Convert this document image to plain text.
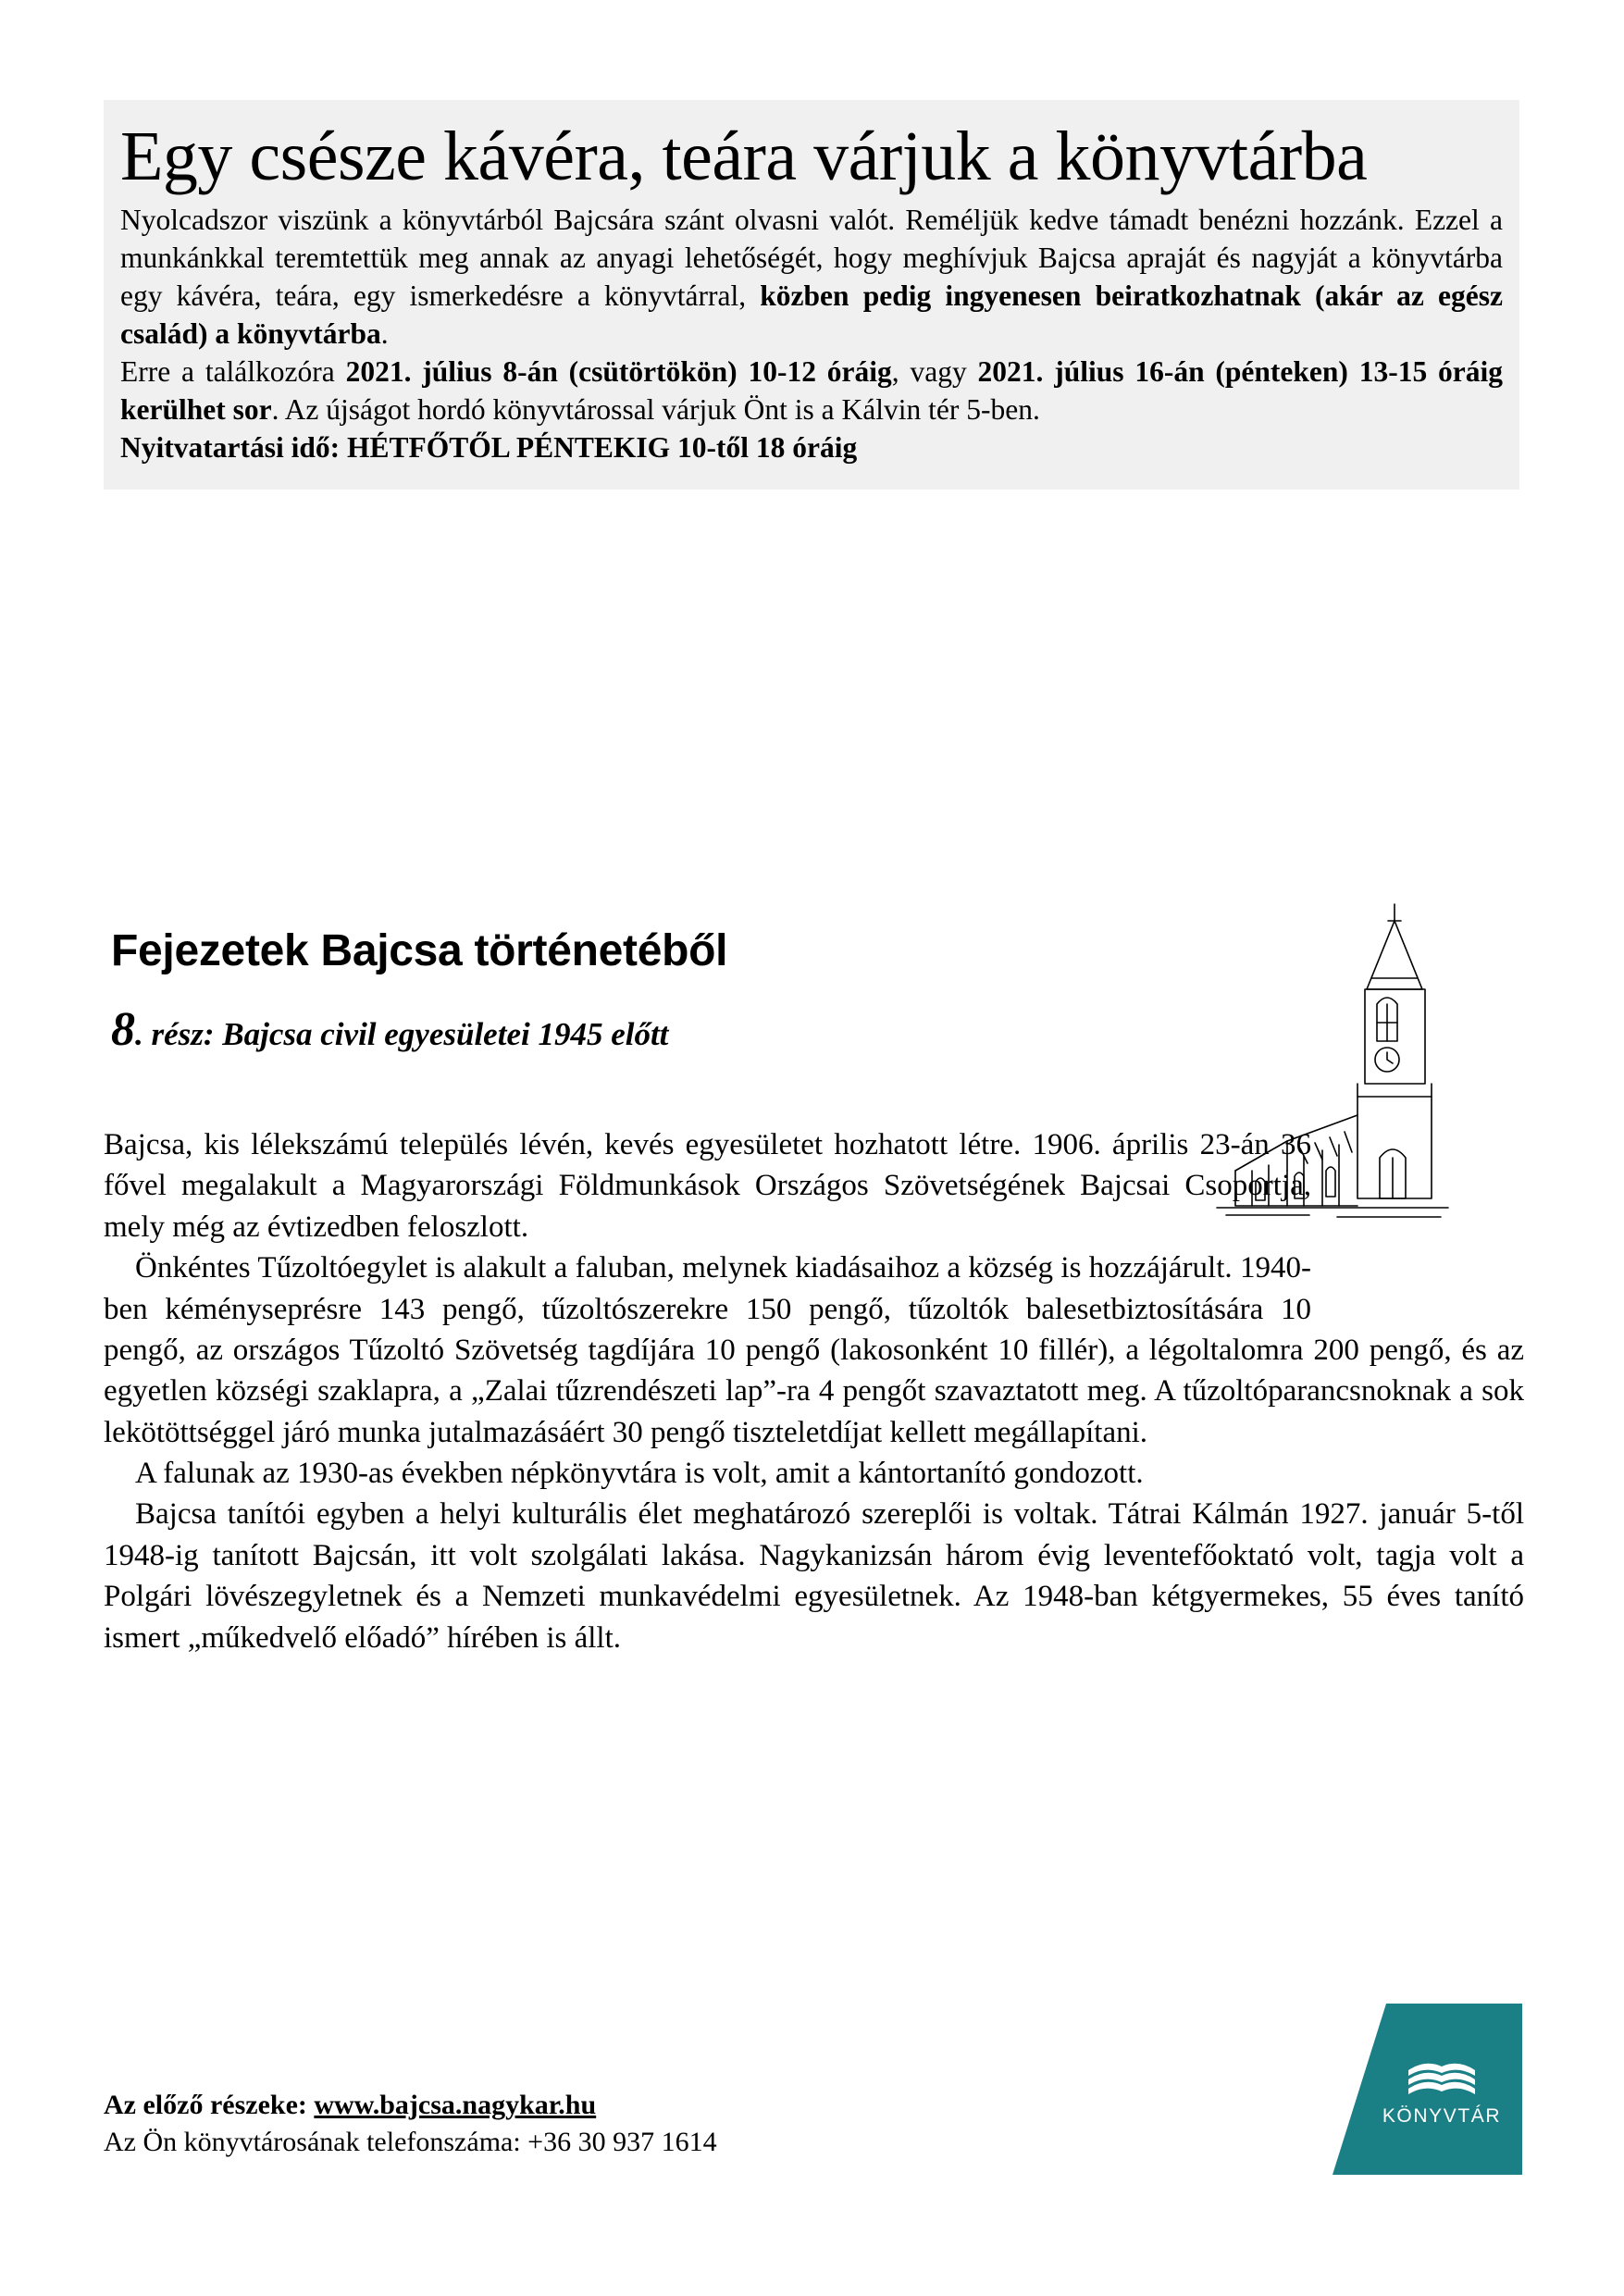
Egy csésze kávéra, teára várjuk a könyvtárba

Nyolcadszor viszünk a könyvtárból Bajcsára szánt olvasni valót. Reméljük kedve támadt benézni hozzánk. Ezzel a munkánkkal teremtettük meg annak az anyagi lehetőségét, hogy meghívjuk Bajcsa apraját és nagyját a könyvtárba egy kávéra, teára, egy ismerkedésre a könyvtárral, közben pedig ingyenesen beiratkozhatnak (akár az egész család) a könyvtárba.

Erre a találkozóra 2021. július 8-án (csütörtökön) 10-12 óráig, vagy 2021. július 16-án (pénteken) 13-15 óráig kerülhet sor. Az újságot hordó könyvtárossal várjuk Önt is a Kálvin tér 5-ben.

Nyitvatartási idő: HÉTFŐTŐL PÉNTEKIG 10-től 18 óráig

Fejezetek Bajcsa történetéből
8. rész: Bajcsa civil egyesületei 1945 előtt

Bajcsa, kis lélekszámú település lévén, kevés egyesületet hozhatott létre. 1906. április 23-án 36 fővel megalakult a Magyarországi Földmunkások Országos Szövetségének Bajcsai Csoportja, mely még az évtizedben feloszlott.

Önkéntes Tűzoltóegylet is alakult a faluban, melynek kiadásaihoz a község is hozzájárult. 1940-ben kéményseprésre 143 pengő, tűzoltószerekre 150 pengő, tűzoltók balesetbiztosítására 10 pengő, az országos Tűzoltó Szövetség tagdíjára 10 pengő (lakosonként 10 fillér), a légoltalomra 200 pengő, és az egyetlen községi szaklapra, a „Zalai tűzrendészeti lap”-ra 4 pengőt szavaztatott meg. A tűzoltóparancsnoknak a sok lekötöttséggel járó munka jutalmazásáért 30 pengő tiszteletdíjat kellett megállapítani.

A falunak az 1930-as években népkönyvtára is volt, amit a kántortanító gondozott.

Bajcsa tanítói egyben a helyi kulturális élet meghatározó szereplői is voltak. Tátrai Kálmán 1927. január 5-től 1948-ig tanított Bajcsán, itt volt szolgálati lakása. Nagykanizsán három évig leventefőoktató volt, tagja volt a Polgári lövészegyletnek és a Nemzeti munkavédelmi egyesületnek. Az 1948-ban kétgyermekes, 55 éves tanító ismert „műkedvelő előadó” hírében is állt.

Az előző részeke: www.bajcsa.nagykar.hu
Az Ön könyvtárosának telefonszáma: +36 30 937 1614
KÖNYVTÁR
